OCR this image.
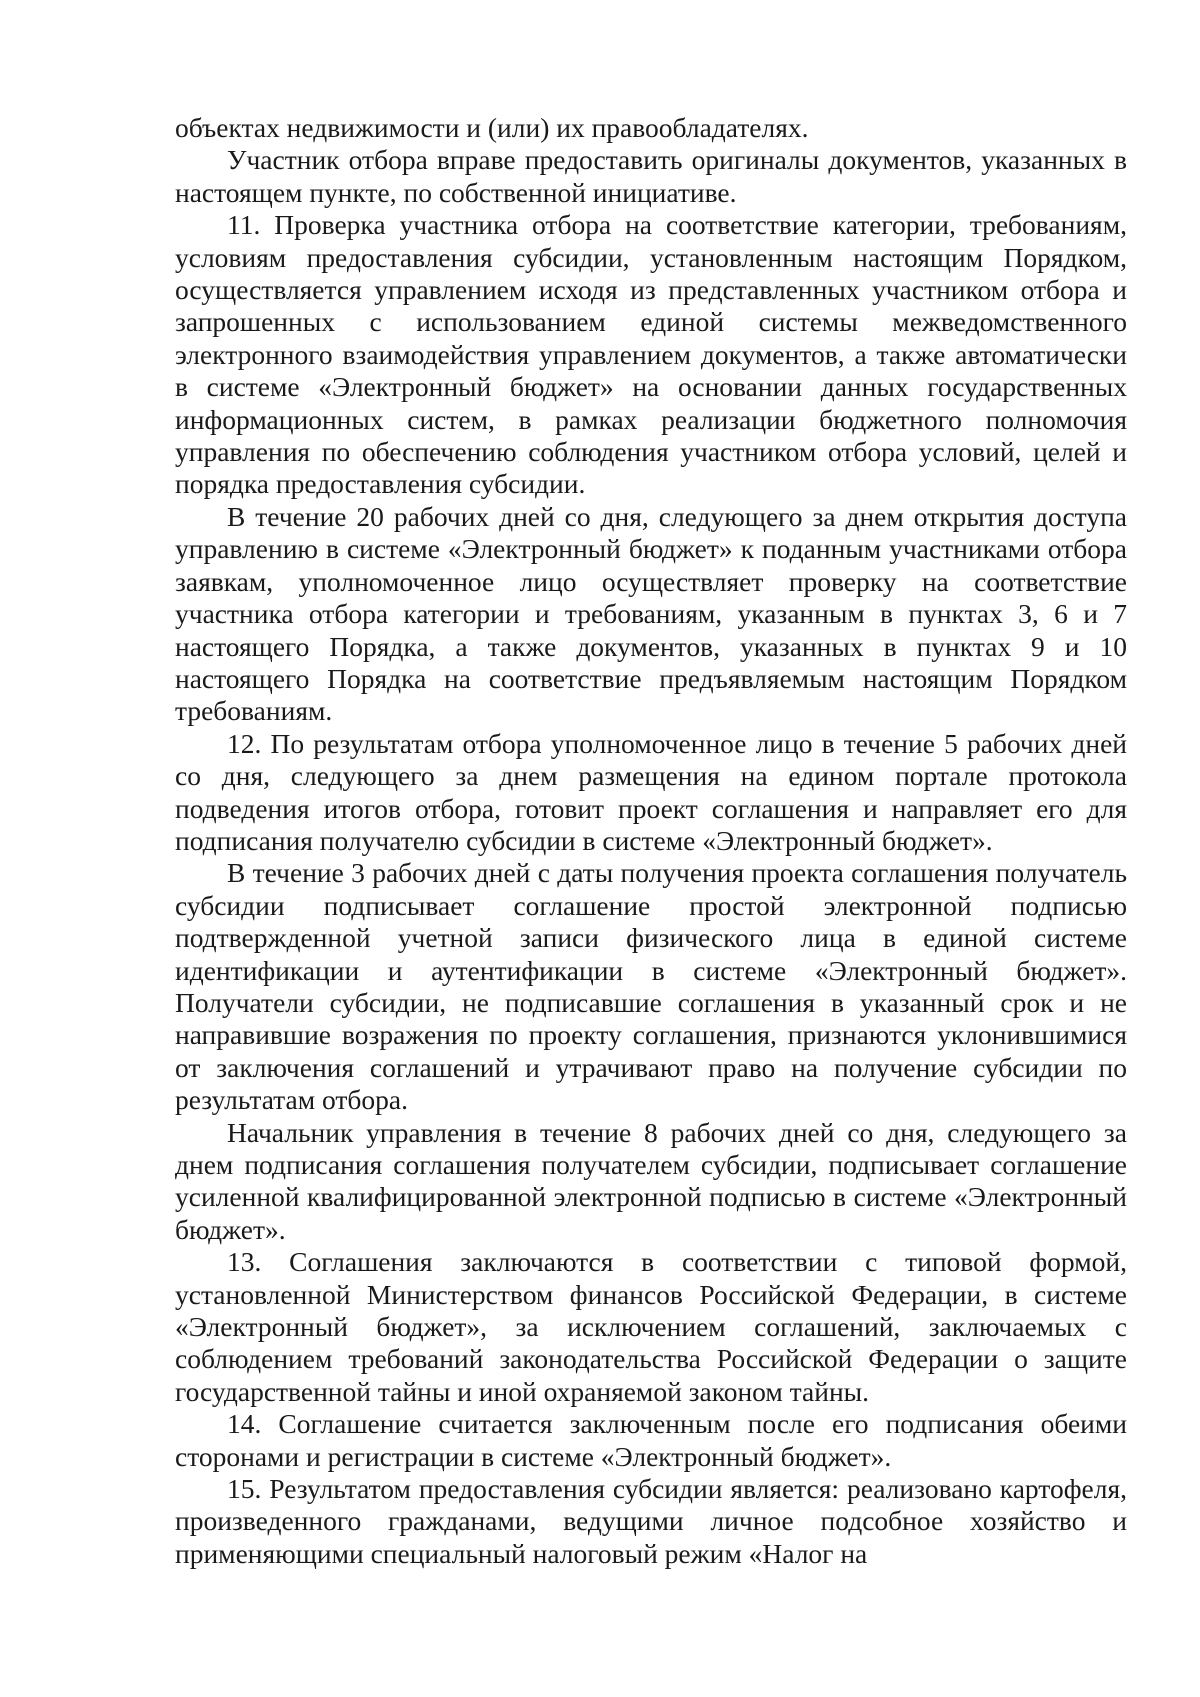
объектах недвижимости и (или) их правообладателях.

Участник отбора вправе предоставить оригиналы документов, указанных в настоящем пункте, по собственной инициативе.

11. Проверка участника отбора на соответствие категории, требованиям, условиям предоставления субсидии, установленным настоящим Порядком, осуществляется управлением исходя из представленных участником отбора и запрошенных с использованием единой системы межведомственного электронного взаимодействия управлением документов, а также автоматически в системе «Электронный бюджет» на основании данных государственных информационных систем, в рамках реализации бюджетного полномочия управления по обеспечению соблюдения участником отбора условий, целей и порядка предоставления субсидии.

В течение 20 рабочих дней со дня, следующего за днем открытия доступа управлению в системе «Электронный бюджет» к поданным участниками отбора заявкам, уполномоченное лицо осуществляет проверку на соответствие участника отбора категории и требованиям, указанным в пунктах 3, 6 и 7 настоящего Порядка, а также документов, указанных в пунктах 9 и 10 настоящего Порядка на соответствие предъявляемым настоящим Порядком требованиям.

12. По результатам отбора уполномоченное лицо в течение 5 рабочих дней со дня, следующего за днем размещения на едином портале протокола подведения итогов отбора, готовит проект соглашения и направляет его для подписания получателю субсидии в системе «Электронный бюджет».

В течение 3 рабочих дней с даты получения проекта соглашения получатель субсидии подписывает соглашение простой электронной подписью подтвержденной учетной записи физического лица в единой системе идентификации и аутентификации в системе «Электронный бюджет». Получатели субсидии, не подписавшие соглашения в указанный срок и не направившие возражения по проекту соглашения, признаются уклонившимися от заключения соглашений и утрачивают право на получение субсидии по результатам отбора.

Начальник управления в течение 8 рабочих дней со дня, следующего за днем подписания соглашения получателем субсидии, подписывает соглашение усиленной квалифицированной электронной подписью в системе «Электронный бюджет».

13. Соглашения заключаются в соответствии с типовой формой, установленной Министерством финансов Российской Федерации, в системе «Электронный бюджет», за исключением соглашений, заключаемых с соблюдением требований законодательства Российской Федерации о защите государственной тайны и иной охраняемой законом тайны.

14. Соглашение считается заключенным после его подписания обеими сторонами и регистрации в системе «Электронный бюджет».

15. Результатом предоставления субсидии является: реализовано картофеля, произведенного гражданами, ведущими личное подсобное хозяйство и применяющими специальный налоговый режим «Налог на
